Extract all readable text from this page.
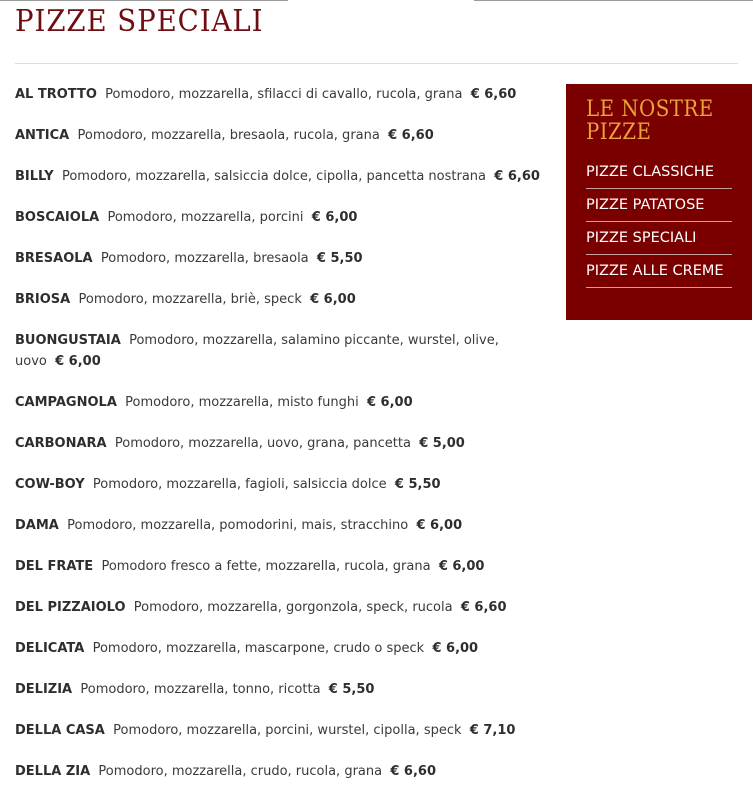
PIZZE SPECIALI
AL TROTTO Pomodoro, mozzarella, sfilacci di cavallo, rucola, grana € 6,60
ANTICA Pomodoro, mozzarella, bresaola, rucola, grana € 6,60
BILLY Pomodoro, mozzarella, salsiccia dolce, cipolla, pancetta nostrana € 6,60
BOSCAIOLA Pomodoro, mozzarella, porcini € 6,00
BRESAOLA Pomodoro, mozzarella, bresaola € 5,50
BRIOSA Pomodoro, mozzarella, briè, speck € 6,00
BUONGUSTAIA Pomodoro, mozzarella, salamino piccante, wurstel, olive, uovo € 6,00
CAMPAGNOLA Pomodoro, mozzarella, misto funghi € 6,00
CARBONARA Pomodoro, mozzarella, uovo, grana, pancetta € 5,00
COW-BOY Pomodoro, mozzarella, fagioli, salsiccia dolce € 5,50
DAMA Pomodoro, mozzarella, pomodorini, mais, stracchino € 6,00
DEL FRATE Pomodoro fresco a fette, mozzarella, rucola, grana € 6,00
DEL PIZZAIOLO Pomodoro, mozzarella, gorgonzola, speck, rucola € 6,60
DELICATA Pomodoro, mozzarella, mascarpone, crudo o speck € 6,00
DELIZIA Pomodoro, mozzarella, tonno, ricotta € 5,50
DELLA CASA Pomodoro, mozzarella, porcini, wurstel, cipolla, speck € 7,10
DELLA ZIA Pomodoro, mozzarella, crudo, rucola, grana € 6,60
LE NOSTRE
PIZZE
PIZZE CLASSICHE
PIZZE PATATOSE
PIZZE SPECIALI
PIZZE ALLE CREME
